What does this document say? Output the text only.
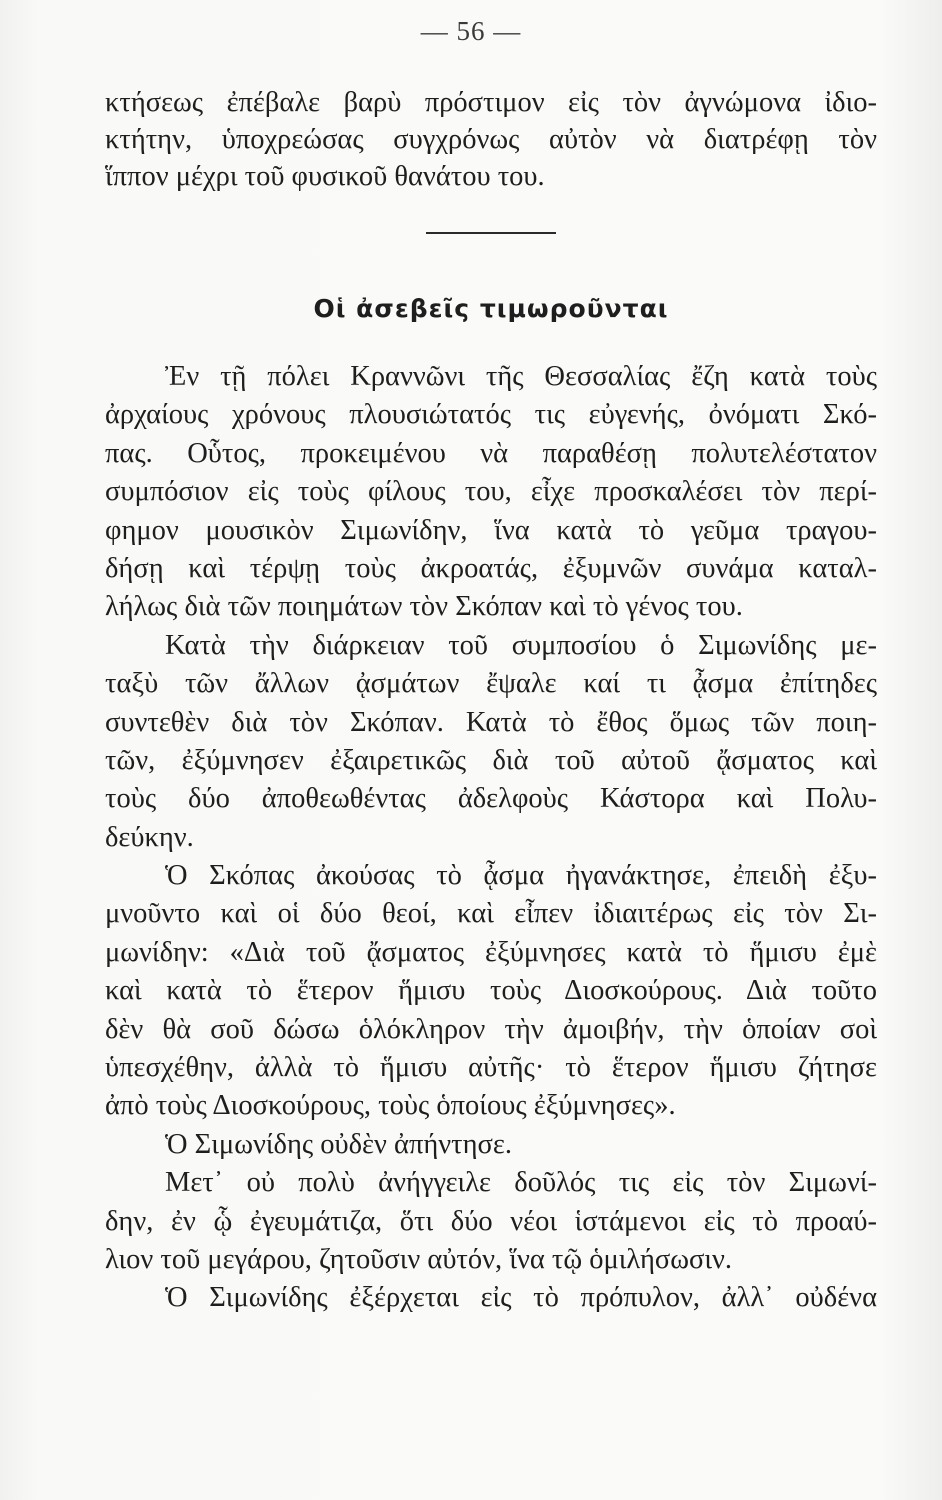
— 56 —
κτήσεως ἐπέβαλε βαρὺ πρόστιμον εἰς τὸν ἀγνώμονα ἰδιο-
κτήτην, ὑποχρεώσας συγχρόνως αὐτὸν νὰ διατρέφῃ τὸν
ἵππον μέχρι τοῦ φυσικοῦ θανάτου του.
Οἱ ἀσεβεῖς τιμωροῦνται
Ἐν τῇ πόλει Κραννῶνι τῆς Θεσσαλίας ἔζη κατὰ τοὺς
ἀρχαίους χρόνους πλουσιώτατός τις εὐγενής, ὀνόματι Σκό-
πας. Οὗτος, προκειμένου νὰ παραθέσῃ πολυτελέστατον
συμπόσιον εἰς τοὺς φίλους του, εἶχε προσκαλέσει τὸν περί-
φημον μουσικὸν Σιμωνίδην, ἵνα κατὰ τὸ γεῦμα τραγου-
δήσῃ καὶ τέρψῃ τοὺς ἀκροατάς, ἐξυμνῶν συνάμα καταλ-
λήλως διὰ τῶν ποιημάτων τὸν Σκόπαν καὶ τὸ γένος του.
Κατὰ τὴν διάρκειαν τοῦ συμποσίου ὁ Σιμωνίδης με-
ταξὺ τῶν ἄλλων ᾀσμάτων ἔψαλε καί τι ᾆσμα ἐπίτηδες
συντεθὲν διὰ τὸν Σκόπαν. Κατὰ τὸ ἔθος ὅμως τῶν ποιη-
τῶν, ἐξύμνησεν ἐξαιρετικῶς διὰ τοῦ αὐτοῦ ᾄσματος καὶ
τοὺς δύο ἀποθεωθέντας ἀδελφοὺς Κάστορα καὶ Πολυ-
δεύκην.
Ὁ Σκόπας ἀκούσας τὸ ᾆσμα ἠγανάκτησε, ἐπειδὴ ἐξυ-
μνοῦντο καὶ οἱ δύο θεοί, καὶ εἶπεν ἰδιαιτέρως εἰς τὸν Σι-
μωνίδην: «Διὰ τοῦ ᾄσματος ἐξύμνησες κατὰ τὸ ἥμισυ ἐμὲ
καὶ κατὰ τὸ ἕτερον ἥμισυ τοὺς Διοσκούρους. Διὰ τοῦτο
δὲν θὰ σοῦ δώσω ὁλόκληρον τὴν ἀμοιβήν, τὴν ὁποίαν σοὶ
ὑπεσχέθην, ἀλλὰ τὸ ἥμισυ αὐτῆς· τὸ ἕτερον ἥμισυ ζήτησε
ἀπὸ τοὺς Διοσκούρους, τοὺς ὁποίους ἐξύμνησες».
Ὁ Σιμωνίδης οὐδὲν ἀπήντησε.
Μετ᾽ οὐ πολὺ ἀνήγγειλε δοῦλός τις εἰς τὸν Σιμωνί-
δην, ἐν ᾧ ἐγευμάτιζα, ὅτι δύο νέοι ἱστάμενοι εἰς τὸ προαύ-
λιον τοῦ μεγάρου, ζητοῦσιν αὐτόν, ἵνα τῷ ὁμιλήσωσιν.
Ὁ Σιμωνίδης ἐξέρχεται εἰς τὸ πρόπυλον, ἀλλ᾽ οὐδένα
